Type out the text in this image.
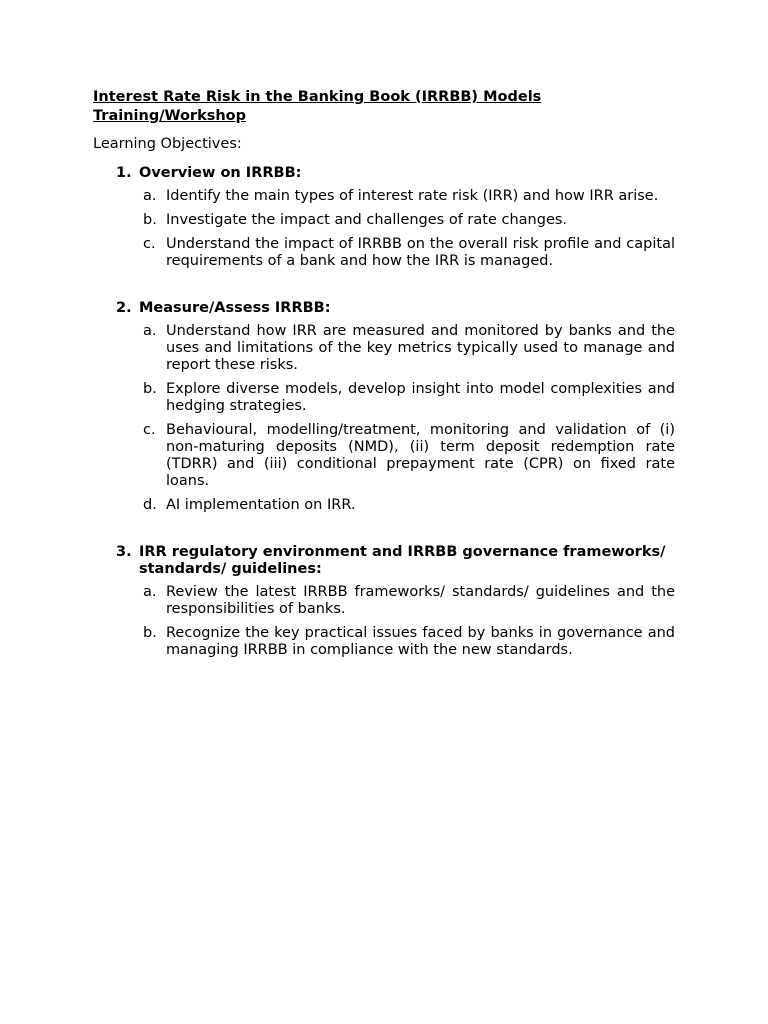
Interest Rate Risk in the Banking Book (IRRBB) Models Training/Workshop

Learning Objectives:

1. Overview on IRRBB:
a. Identify the main types of interest rate risk (IRR) and how IRR arise.
b. Investigate the impact and challenges of rate changes.
c. Understand the impact of IRRBB on the overall risk profile and capital requirements of a bank and how the IRR is managed.
2. Measure/Assess IRRBB:
a. Understand how IRR are measured and monitored by banks and the uses and limitations of the key metrics typically used to manage and report these risks.
b. Explore diverse models, develop insight into model complexities and hedging strategies.
c. Behavioural, modelling/treatment, monitoring and validation of (i) non-maturing deposits (NMD), (ii) term deposit redemption rate (TDRR) and (iii) conditional prepayment rate (CPR) on fixed rate loans.
d. AI implementation on IRR.
3. IRR regulatory environment and IRRBB governance frameworks/ standards/ guidelines:
a. Review the latest IRRBB frameworks/ standards/ guidelines and the responsibilities of banks.
b. Recognize the key practical issues faced by banks in governance and managing IRRBB in compliance with the new standards.
